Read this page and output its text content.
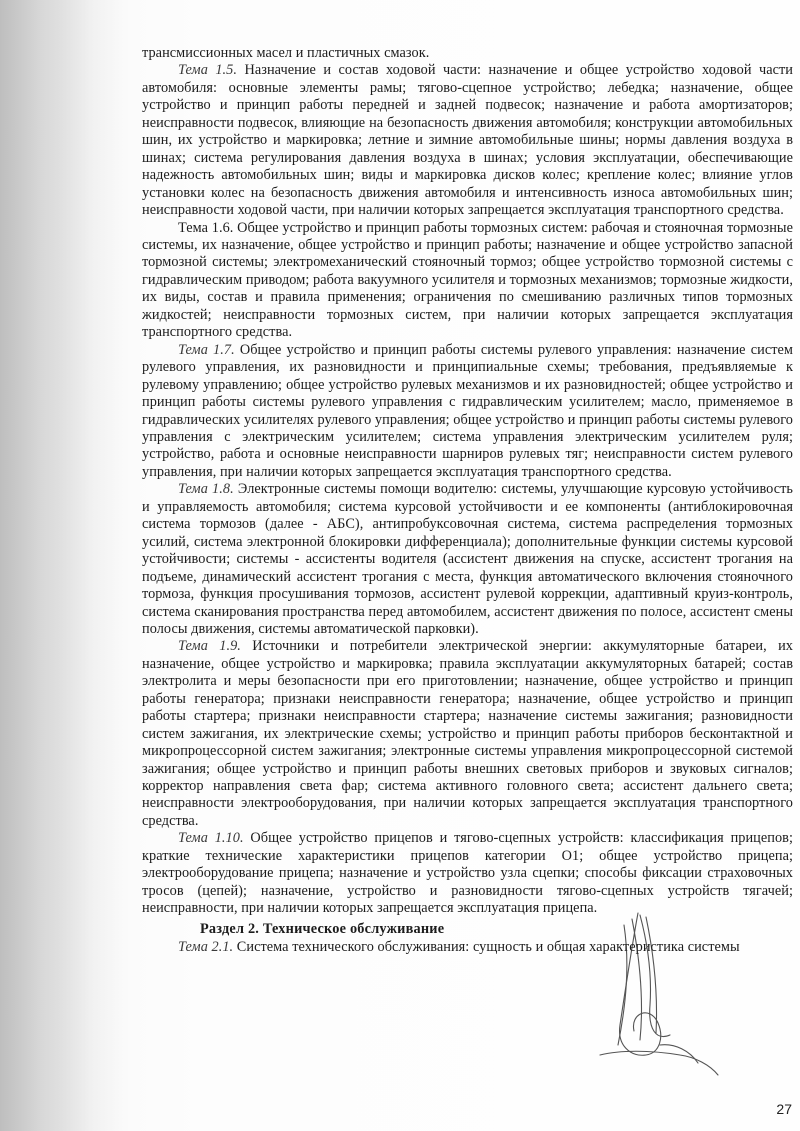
трансмиссионных масел и пластичных смазок.

Тема 1.5. Назначение и состав ходовой части: назначение и общее устройство ходовой части автомобиля: основные элементы рамы; тягово-сцепное устройство; лебедка; назначение, общее устройство и принцип работы передней и задней подвесок; назначение и работа амортизаторов; неисправности подвесок, влияющие на безопасность движения автомобиля; конструкции автомобильных шин, их устройство и маркировка; летние и зимние автомобильные шины; нормы давления воздуха в шинах; система регулирования давления воздуха в шинах; условия эксплуатации, обеспечивающие надежность автомобильных шин; виды и маркировка дисков колес; крепление колес; влияние углов установки колес на безопасность движения автомобиля и интенсивность износа автомобильных шин; неисправности ходовой части, при наличии которых запрещается эксплуатация транспортного средства.

Тема 1.6. Общее устройство и принцип работы тормозных систем: рабочая и стояночная тормозные системы, их назначение, общее устройство и принцип работы; назначение и общее устройство запасной тормозной системы; электромеханический стояночный тормоз; общее устройство тормозной системы с гидравлическим приводом; работа вакуумного усилителя и тормозных механизмов; тормозные жидкости, их виды, состав и правила применения; ограничения по смешиванию различных типов тормозных жидкостей; неисправности тормозных систем, при наличии которых запрещается эксплуатация транспортного средства.

Тема 1.7. Общее устройство и принцип работы системы рулевого управления: назначение систем рулевого управления, их разновидности и принципиальные схемы; требования, предъявляемые к рулевому управлению; общее устройство рулевых механизмов и их разновидностей; общее устройство и принцип работы системы рулевого управления с гидравлическим усилителем; масло, применяемое в гидравлических усилителях рулевого управления; общее устройство и принцип работы системы рулевого управления с электрическим усилителем; система управления электрическим усилителем руля; устройство, работа и основные неисправности шарниров рулевых тяг; неисправности систем рулевого управления, при наличии которых запрещается эксплуатация транспортного средства.

Тема 1.8. Электронные системы помощи водителю: системы, улучшающие курсовую устойчивость и управляемость автомобиля; система курсовой устойчивости и ее компоненты (антиблокировочная система тормозов (далее - АБС), антипробуксовочная система, система распределения тормозных усилий, система электронной блокировки дифференциала); дополнительные функции системы курсовой устойчивости; системы - ассистенты водителя (ассистент движения на спуске, ассистент трогания на подъеме, динамический ассистент трогания с места, функция автоматического включения стояночного тормоза, функция просушивания тормозов, ассистент рулевой коррекции, адаптивный круиз-контроль, система сканирования пространства перед автомобилем, ассистент движения по полосе, ассистент смены полосы движения, системы автоматической парковки).

Тема 1.9. Источники и потребители электрической энергии: аккумуляторные батареи, их назначение, общее устройство и маркировка; правила эксплуатации аккумуляторных батарей; состав электролита и меры безопасности при его приготовлении; назначение, общее устройство и принцип работы генератора; признаки неисправности генератора; назначение, общее устройство и принцип работы стартера; признаки неисправности стартера; назначение системы зажигания; разновидности систем зажигания, их электрические схемы; устройство и принцип работы приборов бесконтактной и микропроцессорной систем зажигания; электронные системы управления микропроцессорной системой зажигания; общее устройство и принцип работы внешних световых приборов и звуковых сигналов; корректор направления света фар; система активного головного света; ассистент дальнего света; неисправности электрооборудования, при наличии которых запрещается эксплуатация транспортного средства.

Тема 1.10. Общее устройство прицепов и тягово-сцепных устройств: классификация прицепов; краткие технические характеристики прицепов категории O1; общее устройство прицепа; электрооборудование прицепа; назначение и устройство узла сцепки; способы фиксации страховочных тросов (цепей); назначение, устройство и разновидности тягово-сцепных устройств тягачей; неисправности, при наличии которых запрещается эксплуатация прицепа.

Раздел 2. Техническое обслуживание

Тема 2.1. Система технического обслуживания: сущность и общая характеристика системы

27
